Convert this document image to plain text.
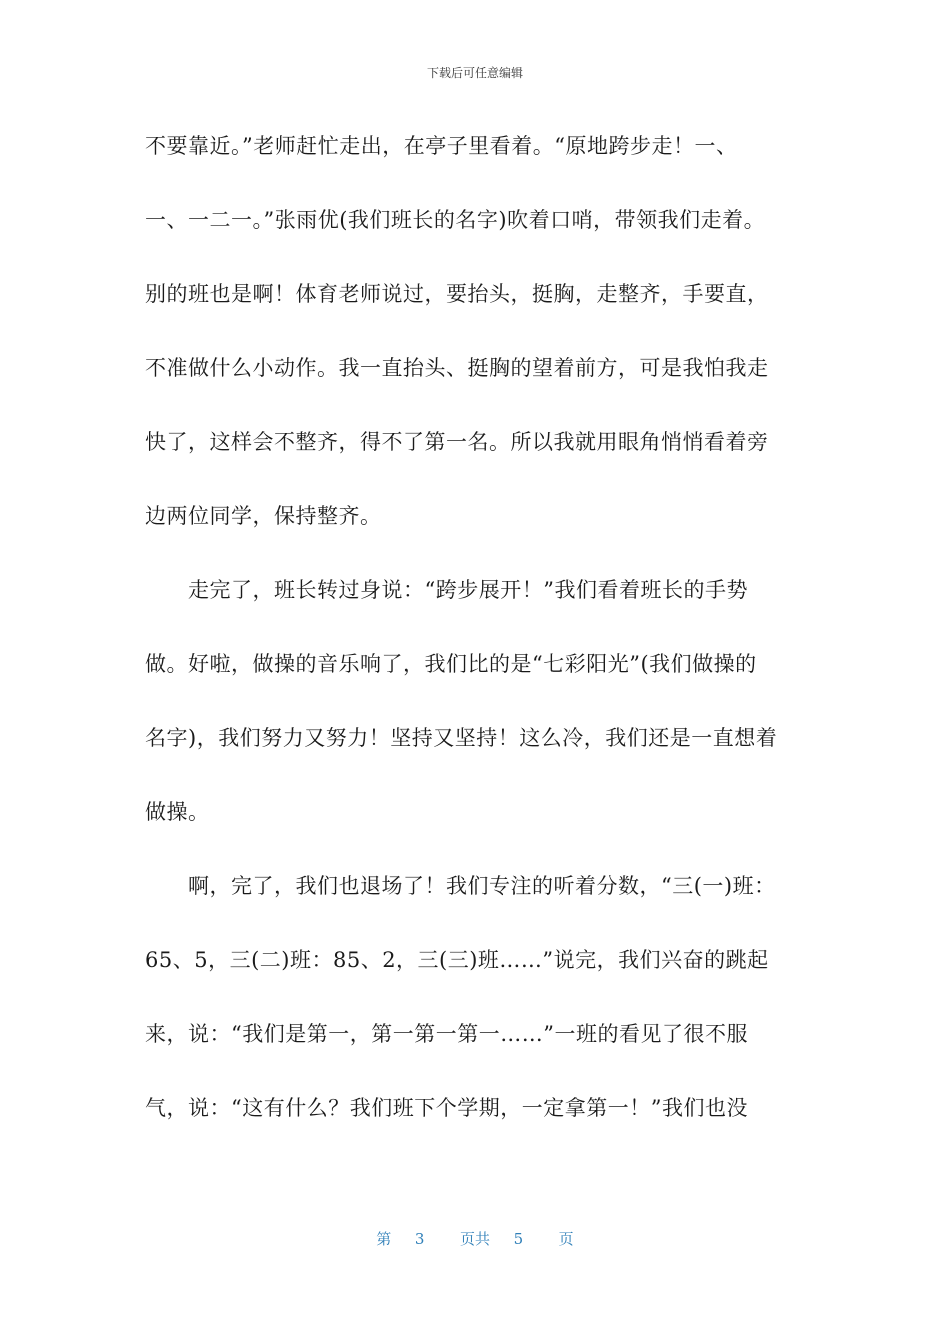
下载后可任意编辑
不要靠近。”老师赶忙走出，在亭子里看着。“原地跨步走！一、
一、一二一。”张雨优(我们班长的名字)吹着口哨，带领我们走着。
别的班也是啊！体育老师说过，要抬头，挺胸，走整齐，手要直，
不准做什么小动作。我一直抬头、挺胸的望着前方，可是我怕我走
快了，这样会不整齐，得不了第一名。所以我就用眼角悄悄看着旁
边两位同学，保持整齐。
　　走完了，班长转过身说：“跨步展开！”我们看着班长的手势
做。好啦，做操的音乐响了，我们比的是“七彩阳光”(我们做操的
名字)，我们努力又努力！坚持又坚持！这么冷，我们还是一直想着
做操。
　　啊，完了，我们也退场了！我们专注的听着分数，“三(一)班：
65、5，三(二)班：85、2，三(三)班……”说完，我们兴奋的跳起
来，说：“我们是第一，第一第一第一……”一班的看见了很不服
气，说：“这有什么？我们班下个学期，一定拿第一！”我们也没
第 3 页共 5 页
